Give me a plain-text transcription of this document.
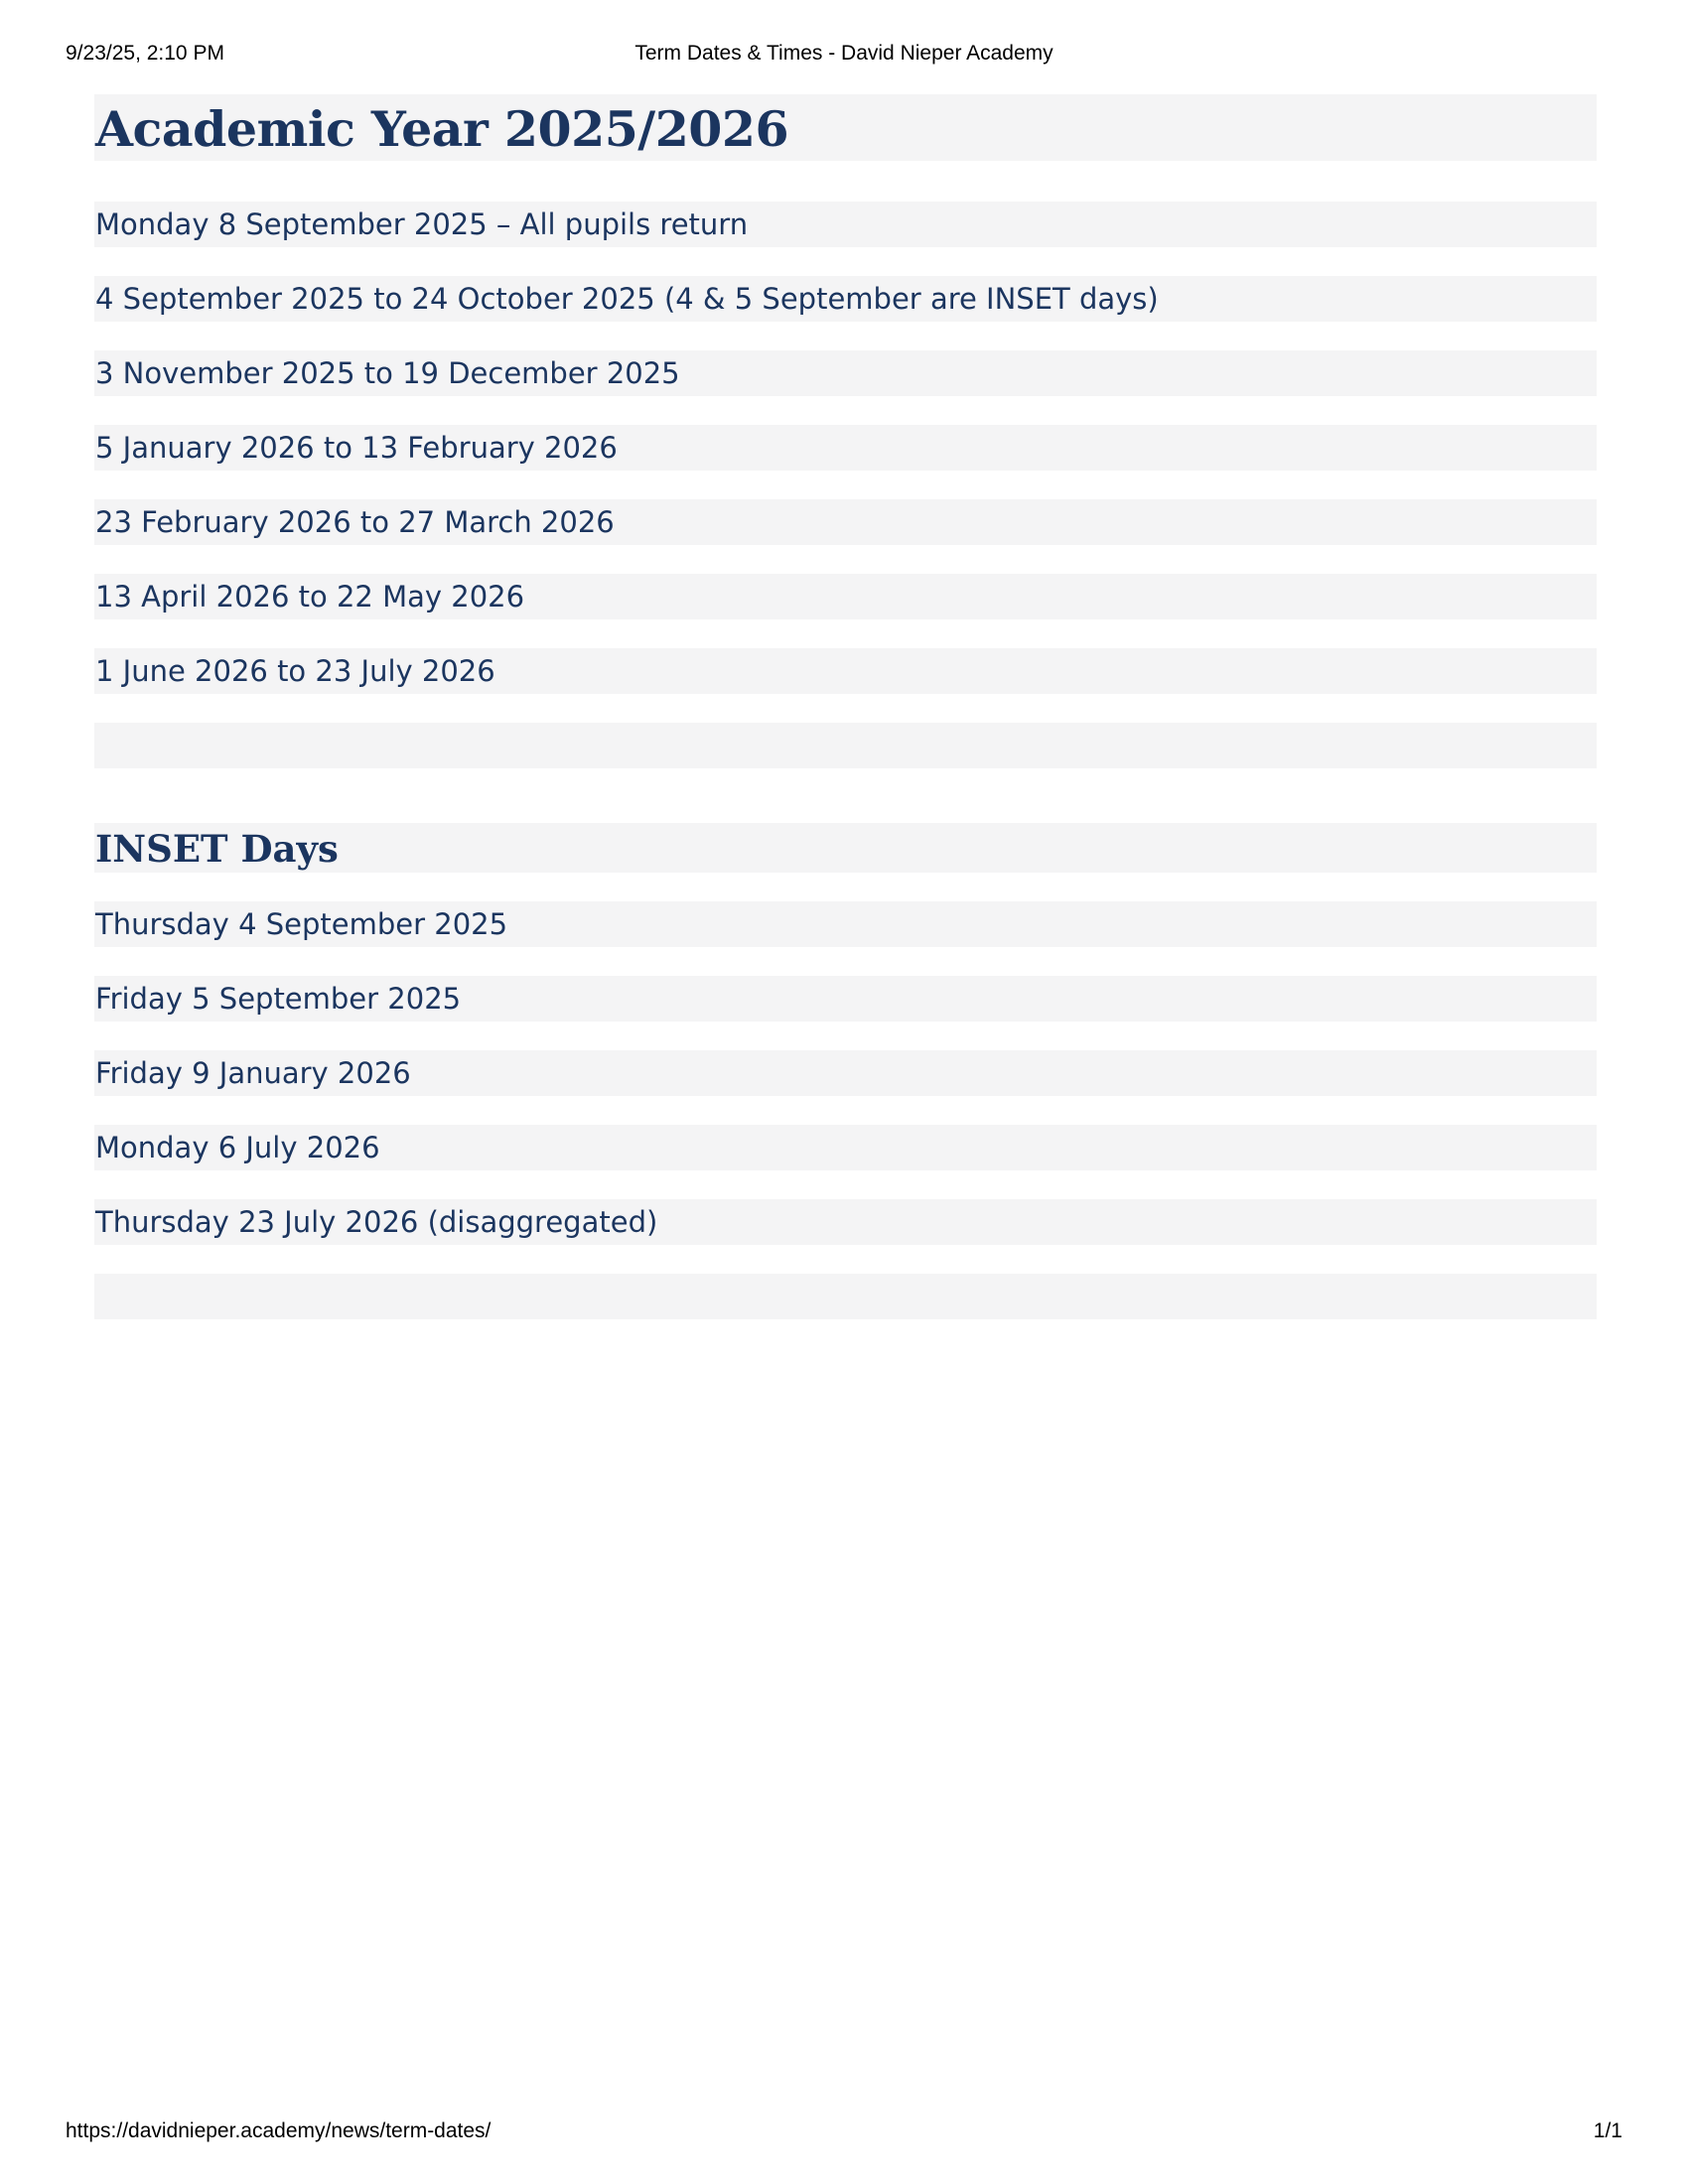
9/23/25, 2:10 PM	Term Dates & Times - David Nieper Academy
Academic Year 2025/2026
Monday 8 September 2025 – All pupils return
4 September 2025 to 24 October 2025 (4 & 5 September are INSET days)
3 November 2025 to 19 December 2025
5 January 2026 to 13 February 2026
23 February 2026 to 27 March 2026
13 April 2026 to 22 May 2026
1 June 2026 to 23 July 2026
INSET Days
Thursday 4 September 2025
Friday 5 September 2025
Friday 9 January 2026
Monday 6 July 2026
Thursday 23 July 2026 (disaggregated)
https://davidnieper.academy/news/term-dates/	1/1
